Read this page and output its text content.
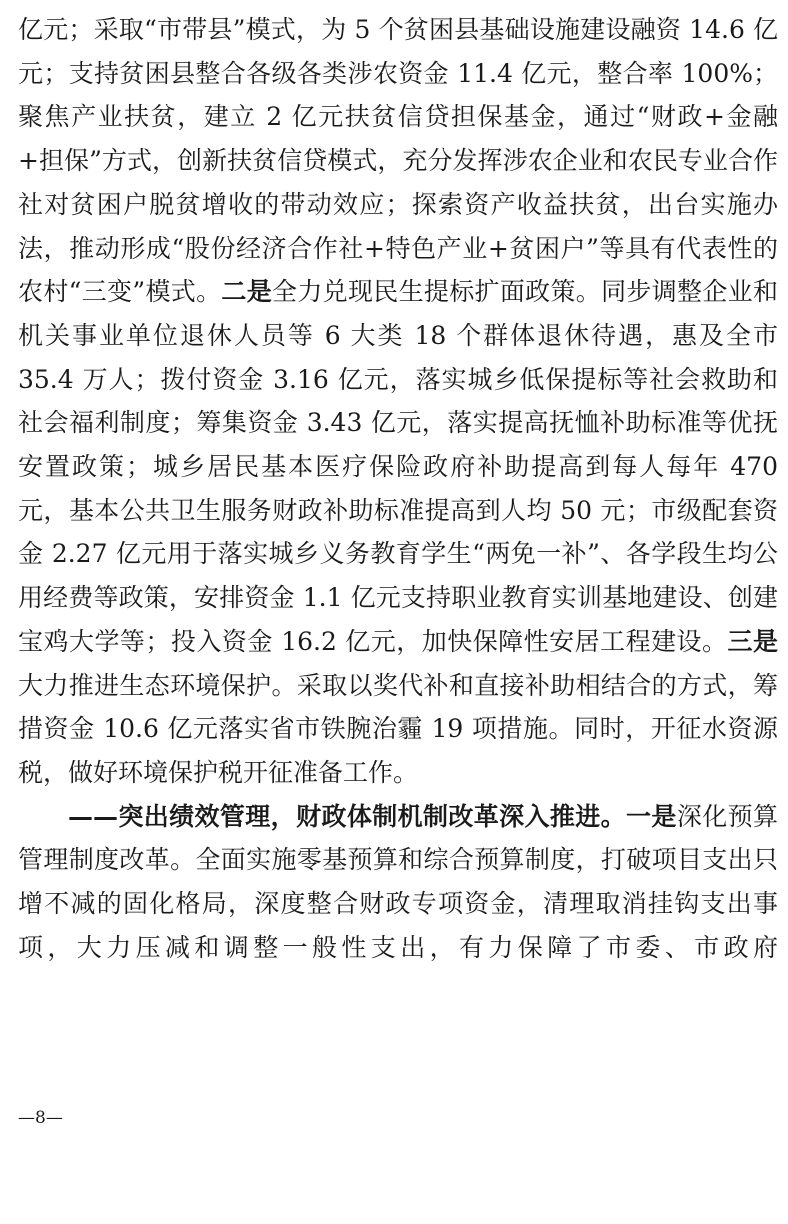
亿元；采取“市带县”模式，为 5 个贫困县基础设施建设融资 14.6 亿元；支持贫困县整合各级各类涉农资金 11.4 亿元，整合率 100%；聚焦产业扶贫，建立 2 亿元扶贫信贷担保基金，通过“财政+金融+担保”方式，创新扶贫信贷模式，充分发挥涉农企业和农民专业合作社对贫困户脱贫增收的带动效应；探索资产收益扶贫，出台实施办法，推动形成“股份经济合作社+特色产业+贫困户”等具有代表性的农村“三变”模式。二是全力兑现民生提标扩面政策。同步调整企业和机关事业单位退休人员等 6 大类 18 个群体退休待遇，惠及全市 35.4 万人；拨付资金 3.16 亿元，落实城乡低保提标等社会救助和社会福利制度；筹集资金 3.43 亿元，落实提高抚恤补助标准等优抚安置政策；城乡居民基本医疗保险政府补助提高到每人每年 470 元，基本公共卫生服务财政补助标准提高到人均 50 元；市级配套资金 2.27 亿元用于落实城乡义务教育学生“两免一补”、各学段生均公用经费等政策，安排资金 1.1 亿元支持职业教育实训基地建设、创建宝鸡大学等；投入资金 16.2 亿元，加快保障性安居工程建设。三是大力推进生态环境保护。采取以奖代补和直接补助相结合的方式，筹措资金 10.6 亿元落实省市铁腕治霾 19 项措施。同时，开征水资源税，做好环境保护税开征准备工作。

——突出绩效管理，财政体制机制改革深入推进。一是深化预算管理制度改革。全面实施零基预算和综合预算制度，打破项目支出只增不减的固化格局，深度整合财政专项资金，清理取消挂钩支出事项，大力压减和调整一般性支出，有力保障了市委、市政府

—8—
